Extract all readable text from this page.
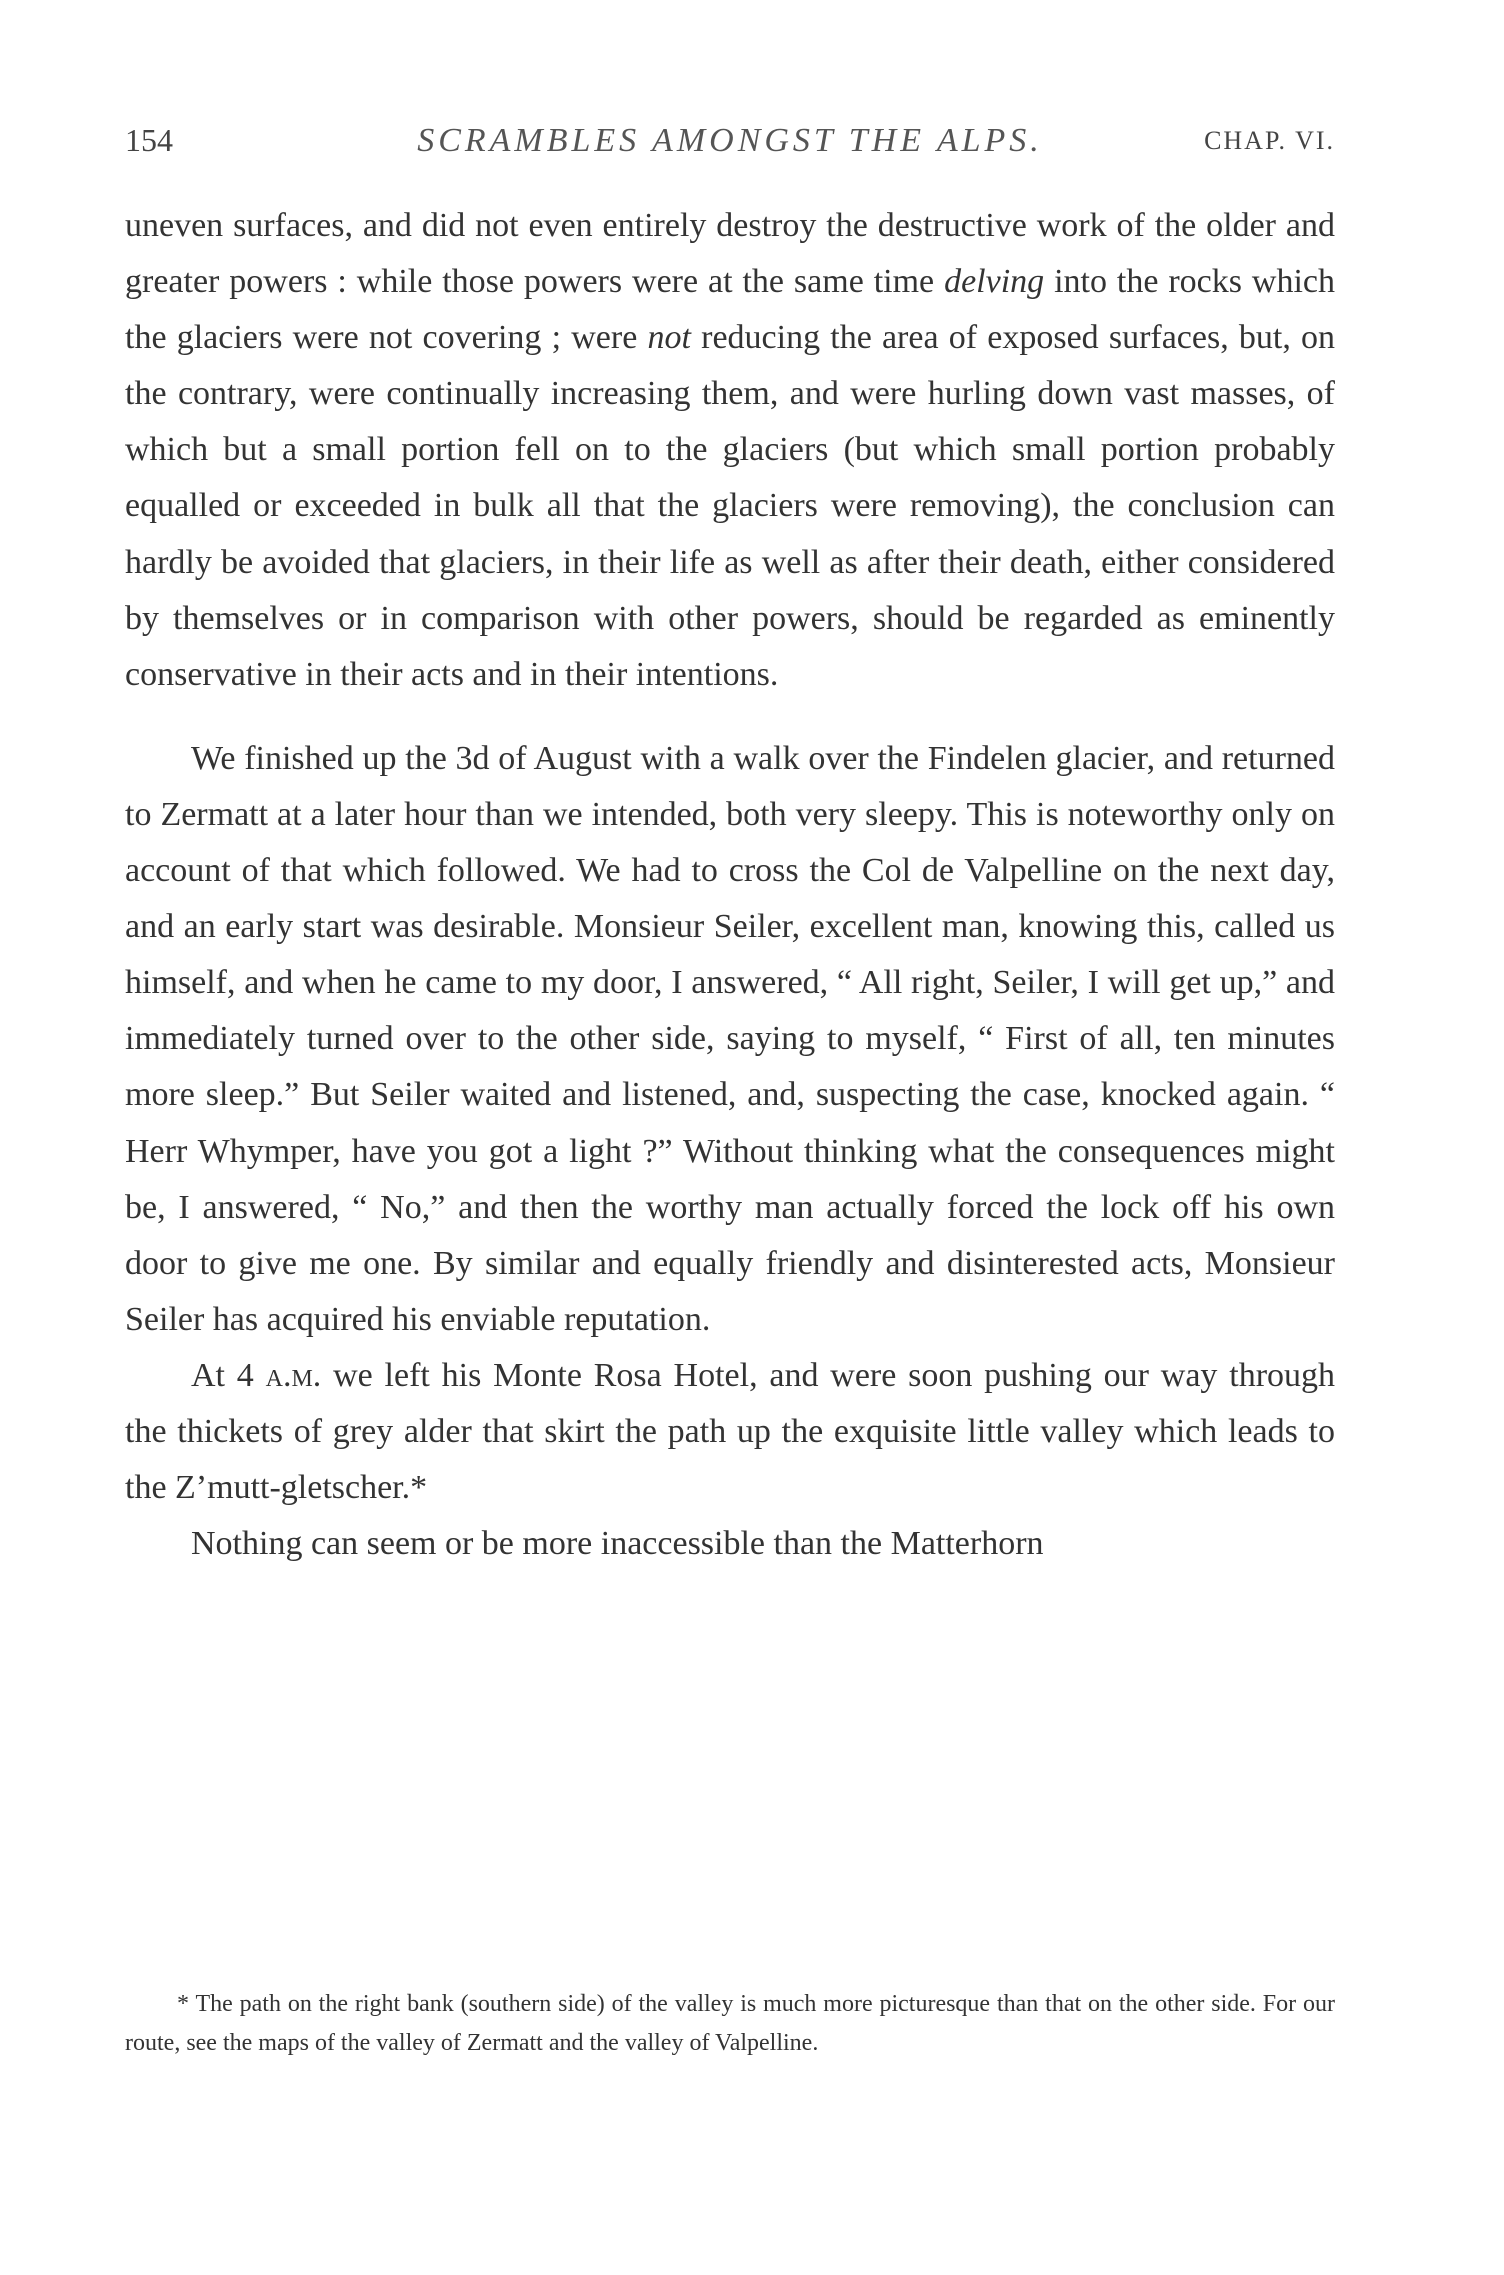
154	SCRAMBLES AMONGST THE ALPS.	CHAP. VI.

uneven surfaces, and did not even entirely destroy the destructive work of the older and greater powers : while those powers were at the same time delving into the rocks which the glaciers were not covering ; were not reducing the area of exposed surfaces, but, on the contrary, were continually increasing them, and were hurling down vast masses, of which but a small portion fell on to the glaciers (but which small portion probably equalled or exceeded in bulk all that the glaciers were removing), the conclusion can hardly be avoided that glaciers, in their life as well as after their death, either considered by themselves or in comparison with other powers, should be regarded as eminently conservative in their acts and in their intentions.

We finished up the 3d of August with a walk over the Findelen glacier, and returned to Zermatt at a later hour than we intended, both very sleepy. This is noteworthy only on account of that which followed. We had to cross the Col de Valpelline on the next day, and an early start was desirable. Monsieur Seiler, excellent man, knowing this, called us himself, and when he came to my door, I answered, “ All right, Seiler, I will get up,” and immediately turned over to the other side, saying to myself, “ First of all, ten minutes more sleep.” But Seiler waited and listened, and, suspecting the case, knocked again. “ Herr Whymper, have you got a light ?” Without thinking what the consequences might be, I answered, “ No,” and then the worthy man actually forced the lock off his own door to give me one. By similar and equally friendly and disinterested acts, Monsieur Seiler has acquired his enviable reputation.

At 4 a.m. we left his Monte Rosa Hotel, and were soon pushing our way through the thickets of grey alder that skirt the path up the exquisite little valley which leads to the Z’mutt-gletscher.*

Nothing can seem or be more inaccessible than the Matterhorn

* The path on the right bank (southern side) of the valley is much more picturesque than that on the other side. For our route, see the maps of the valley of Zermatt and the valley of Valpelline.
